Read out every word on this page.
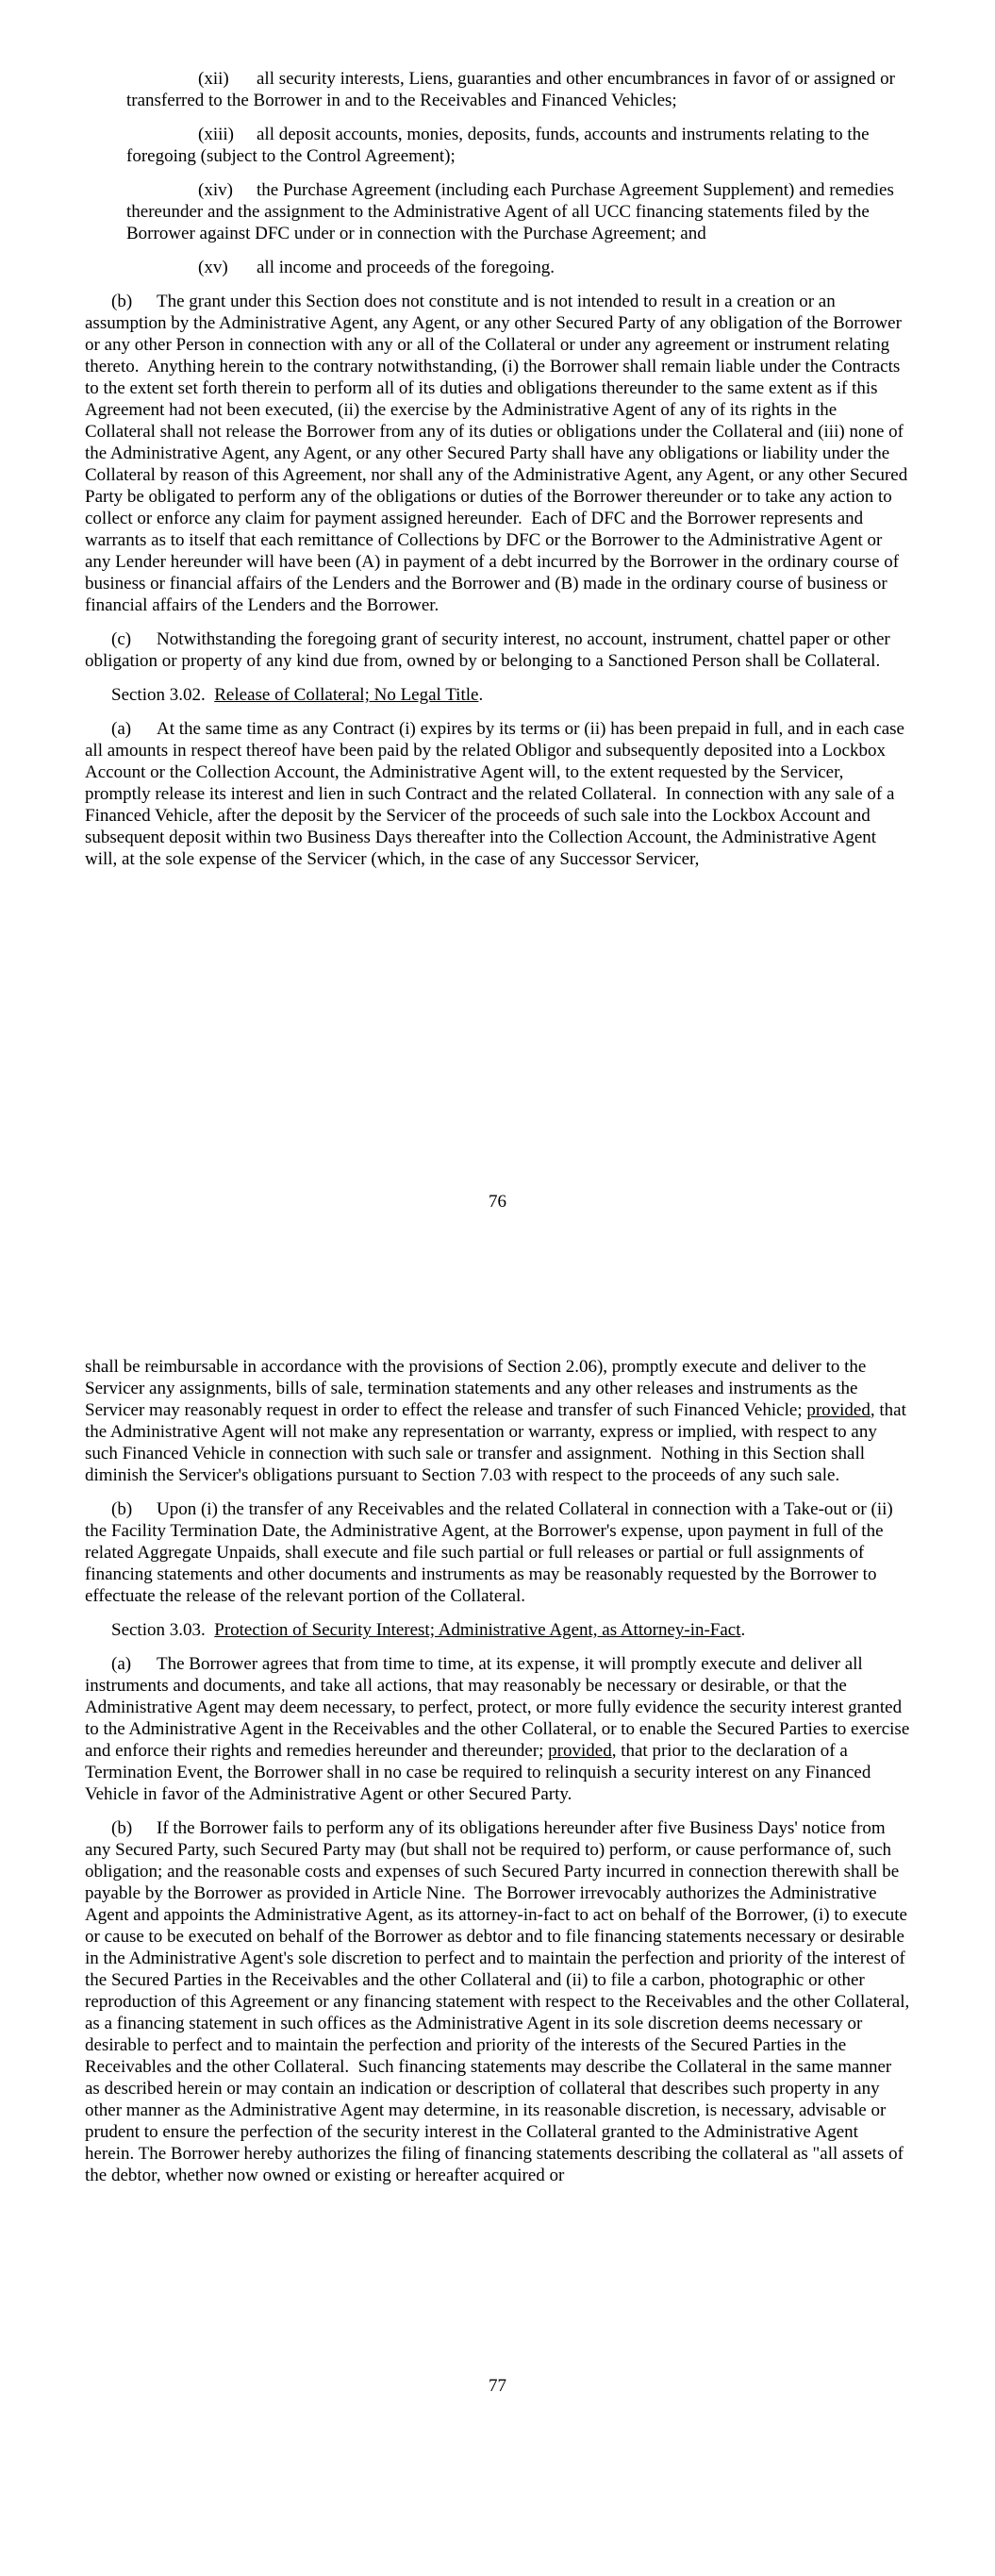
(xii) all security interests, Liens, guaranties and other encumbrances in favor of or assigned or transferred to the Borrower in and to the Receivables and Financed Vehicles;

(xiii) all deposit accounts, monies, deposits, funds, accounts and instruments relating to the foregoing (subject to the Control Agreement);

(xiv) the Purchase Agreement (including each Purchase Agreement Supplement) and remedies thereunder and the assignment to the Administrative Agent of all UCC financing statements filed by the Borrower against DFC under or in connection with the Purchase Agreement; and

(xv) all income and proceeds of the foregoing.

(b) The grant under this Section does not constitute and is not intended to result in a creation or an assumption by the Administrative Agent, any Agent, or any other Secured Party of any obligation of the Borrower or any other Person in connection with any or all of the Collateral or under any agreement or instrument relating thereto.  Anything herein to the contrary notwithstanding, (i) the Borrower shall remain liable under the Contracts to the extent set forth therein to perform all of its duties and obligations thereunder to the same extent as if this Agreement had not been executed, (ii) the exercise by the Administrative Agent of any of its rights in the Collateral shall not release the Borrower from any of its duties or obligations under the Collateral and (iii) none of the Administrative Agent, any Agent, or any other Secured Party shall have any obligations or liability under the Collateral by reason of this Agreement, nor shall any of the Administrative Agent, any Agent, or any other Secured Party be obligated to perform any of the obligations or duties of the Borrower thereunder or to take any action to collect or enforce any claim for payment assigned hereunder.  Each of DFC and the Borrower represents and warrants as to itself that each remittance of Collections by DFC or the Borrower to the Administrative Agent or any Lender hereunder will have been (A) in payment of a debt incurred by the Borrower in the ordinary course of business or financial affairs of the Lenders and the Borrower and (B) made in the ordinary course of business or financial affairs of the Lenders and the Borrower.

(c) Notwithstanding the foregoing grant of security interest, no account, instrument, chattel paper or other obligation or property of any kind due from, owned by or belonging to a Sanctioned Person shall be Collateral.

Section 3.02.  Release of Collateral; No Legal Title.

(a) At the same time as any Contract (i) expires by its terms or (ii) has been prepaid in full, and in each case all amounts in respect thereof have been paid by the related Obligor and subsequently deposited into a Lockbox Account or the Collection Account, the Administrative Agent will, to the extent requested by the Servicer, promptly release its interest and lien in such Contract and the related Collateral.  In connection with any sale of a Financed Vehicle, after the deposit by the Servicer of the proceeds of such sale into the Lockbox Account and subsequent deposit within two Business Days thereafter into the Collection Account, the Administrative Agent will, at the sole expense of the Servicer (which, in the case of any Successor Servicer,

76

shall be reimbursable in accordance with the provisions of Section 2.06), promptly execute and deliver to the Servicer any assignments, bills of sale, termination statements and any other releases and instruments as the Servicer may reasonably request in order to effect the release and transfer of such Financed Vehicle; provided, that the Administrative Agent will not make any representation or warranty, express or implied, with respect to any such Financed Vehicle in connection with such sale or transfer and assignment.  Nothing in this Section shall diminish the Servicer's obligations pursuant to Section 7.03 with respect to the proceeds of any such sale.

(b) Upon (i) the transfer of any Receivables and the related Collateral in connection with a Take-out or (ii) the Facility Termination Date, the Administrative Agent, at the Borrower's expense, upon payment in full of the related Aggregate Unpaids, shall execute and file such partial or full releases or partial or full assignments of financing statements and other documents and instruments as may be reasonably requested by the Borrower to effectuate the release of the relevant portion of the Collateral.

Section 3.03.  Protection of Security Interest; Administrative Agent, as Attorney-in-Fact.

(a) The Borrower agrees that from time to time, at its expense, it will promptly execute and deliver all instruments and documents, and take all actions, that may reasonably be necessary or desirable, or that the Administrative Agent may deem necessary, to perfect, protect, or more fully evidence the security interest granted to the Administrative Agent in the Receivables and the other Collateral, or to enable the Secured Parties to exercise and enforce their rights and remedies hereunder and thereunder; provided, that prior to the declaration of a Termination Event, the Borrower shall in no case be required to relinquish a security interest on any Financed Vehicle in favor of the Administrative Agent or other Secured Party.

(b) If the Borrower fails to perform any of its obligations hereunder after five Business Days' notice from any Secured Party, such Secured Party may (but shall not be required to) perform, or cause performance of, such obligation; and the reasonable costs and expenses of such Secured Party incurred in connection therewith shall be payable by the Borrower as provided in Article Nine.  The Borrower irrevocably authorizes the Administrative Agent and appoints the Administrative Agent, as its attorney-in-fact to act on behalf of the Borrower, (i) to execute or cause to be executed on behalf of the Borrower as debtor and to file financing statements necessary or desirable in the Administrative Agent's sole discretion to perfect and to maintain the perfection and priority of the interest of the Secured Parties in the Receivables and the other Collateral and (ii) to file a carbon, photographic or other reproduction of this Agreement or any financing statement with respect to the Receivables and the other Collateral, as a financing statement in such offices as the Administrative Agent in its sole discretion deems necessary or desirable to perfect and to maintain the perfection and priority of the interests of the Secured Parties in the Receivables and the other Collateral.  Such financing statements may describe the Collateral in the same manner as described herein or may contain an indication or description of collateral that describes such property in any other manner as the Administrative Agent may determine, in its reasonable discretion, is necessary, advisable or prudent to ensure the perfection of the security interest in the Collateral granted to the Administrative Agent herein. The Borrower hereby authorizes the filing of financing statements describing the collateral as "all assets of the debtor, whether now owned or existing or hereafter acquired or

77
